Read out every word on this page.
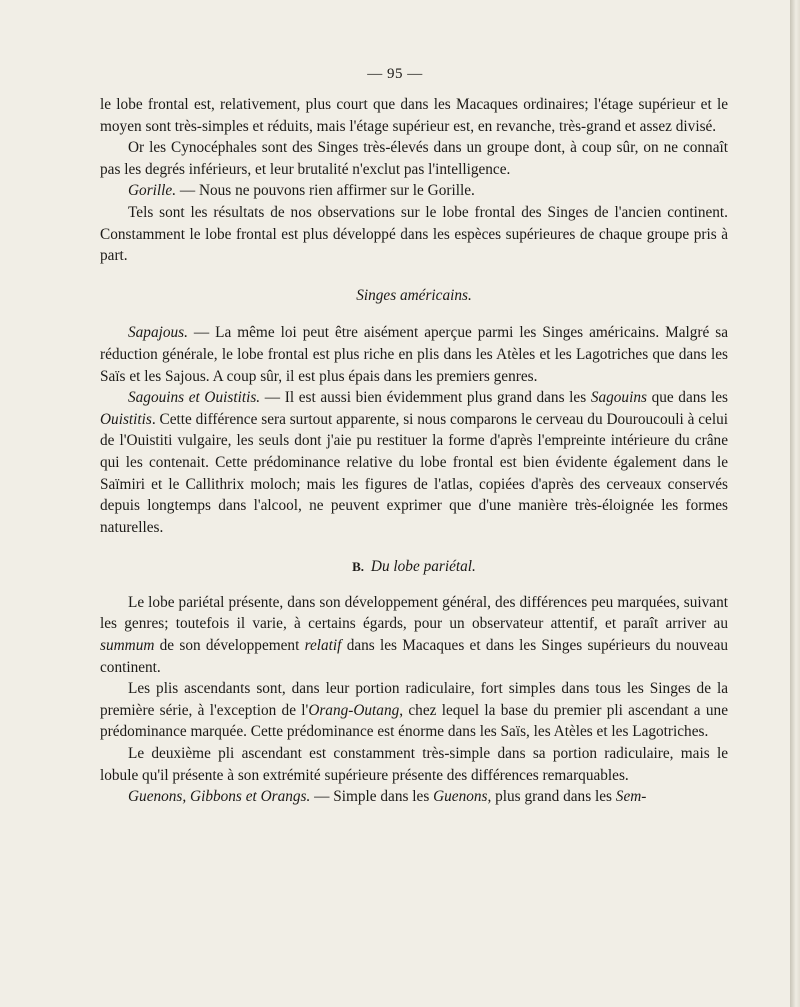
— 95 —

le lobe frontal est, relativement, plus court que dans les Macaques ordinaires; l'étage supérieur et le moyen sont très-simples et réduits, mais l'étage supérieur est, en revanche, très-grand et assez divisé.

Or les Cynocéphales sont des Singes très-élevés dans un groupe dont, à coup sûr, on ne connaît pas les degrés inférieurs, et leur brutalité n'exclut pas l'intelligence.

Gorille. — Nous ne pouvons rien affirmer sur le Gorille.

Tels sont les résultats de nos observations sur le lobe frontal des Singes de l'ancien continent. Constamment le lobe frontal est plus développé dans les espèces supérieures de chaque groupe pris à part.

Singes américains.

Sapajous. — La même loi peut être aisément aperçue parmi les Singes américains. Malgré sa réduction générale, le lobe frontal est plus riche en plis dans les Atèles et les Lagotriches que dans les Saïs et les Sajous. A coup sûr, il est plus épais dans les premiers genres.

Sagouins et Ouistitis. — Il est aussi bien évidemment plus grand dans les Sagouins que dans les Ouistitis. Cette différence sera surtout apparente, si nous comparons le cerveau du Douroucouli à celui de l'Ouistiti vulgaire, les seuls dont j'aie pu restituer la forme d'après l'empreinte intérieure du crâne qui les contenait. Cette prédominance relative du lobe frontal est bien évidente également dans le Saïmiri et le Callithrix moloch; mais les figures de l'atlas, copiées d'après des cerveaux conservés depuis longtemps dans l'alcool, ne peuvent exprimer que d'une manière très-éloignée les formes naturelles.

B. Du lobe pariétal.

Le lobe pariétal présente, dans son développement général, des différences peu marquées, suivant les genres; toutefois il varie, à certains égards, pour un observateur attentif, et paraît arriver au summum de son développement relatif dans les Macaques et dans les Singes supérieurs du nouveau continent.

Les plis ascendants sont, dans leur portion radiculaire, fort simples dans tous les Singes de la première série, à l'exception de l'Orang-Outang, chez lequel la base du premier pli ascendant a une prédominance marquée. Cette prédominance est énorme dans les Saïs, les Atèles et les Lagotriches.

Le deuxième pli ascendant est constamment très-simple dans sa portion radiculaire, mais le lobule qu'il présente à son extrémité supérieure présente des différences remarquables.

Guenons, Gibbons et Orangs. — Simple dans les Guenons, plus grand dans les Sem-
